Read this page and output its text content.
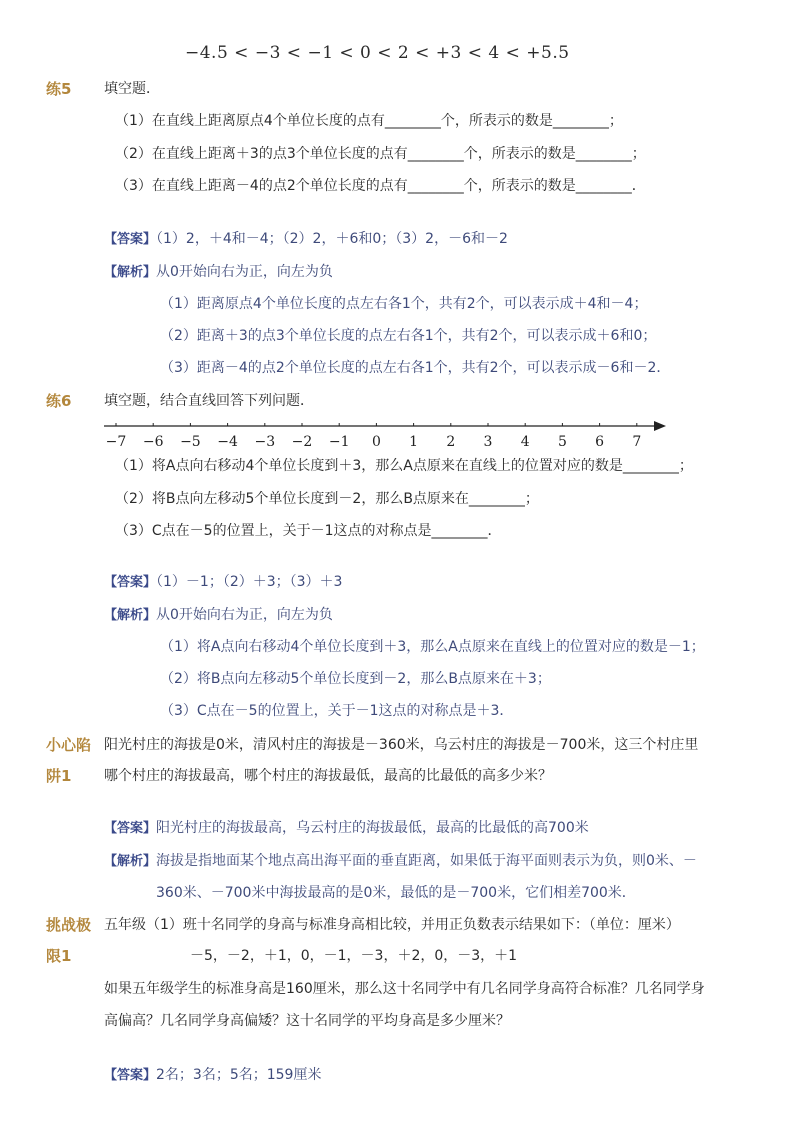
−4.5 < −3 < −1 < 0 < 2 < +3 < 4 < +5.5
练5 填空题．
（1）在直线上距离原点4个单位长度的点有________个，所表示的数是________；
（2）在直线上距离＋3的点3个单位长度的点有________个，所表示的数是________；
（3）在直线上距离－4的点2个单位长度的点有________个，所表示的数是________．
【答案】（1）2，＋4和－4；（2）2，＋6和0；（3）2，－6和－2
【解析】从0开始向右为正，向左为负
（1）距离原点4个单位长度的点左右各1个，共有2个，可以表示成＋4和－4；
（2）距离＋3的点3个单位长度的点左右各1个，共有2个，可以表示成＋6和0；
（3）距离－4的点2个单位长度的点左右各1个，共有2个，可以表示成－6和－2．
练6 填空题，结合直线回答下列问题．
−7 −6 −5 −4 −3 −2 −1 0 1 2 3 4 5 6 7
（1）将A点向右移动4个单位长度到＋3，那么A点原来在直线上的位置对应的数是________；
（2）将B点向左移动5个单位长度到－2，那么B点原来在________；
（3）C点在－5的位置上，关于－1这点的对称点是________．
【答案】（1）－1；（2）＋3；（3）＋3
【解析】从0开始向右为正，向左为负
（1）将A点向右移动4个单位长度到＋3，那么A点原来在直线上的位置对应的数是－1；
（2）将B点向左移动5个单位长度到－2，那么B点原来在＋3；
（3）C点在－5的位置上，关于－1这点的对称点是＋3．
小心陷
阱1
阳光村庄的海拔是0米，清风村庄的海拔是－360米，乌云村庄的海拔是－700米，这三个村庄里
哪个村庄的海拔最高，哪个村庄的海拔最低，最高的比最低的高多少米？
【答案】阳光村庄的海拔最高，乌云村庄的海拔最低，最高的比最低的高700米
【解析】海拔是指地面某个地点高出海平面的垂直距离，如果低于海平面则表示为负，则0米、－
360米、－700米中海拔最高的是0米，最低的是－700米，它们相差700米．
挑战极
限1
五年级（1）班十名同学的身高与标准身高相比较，并用正负数表示结果如下：（单位：厘米）
－5，－2，＋1，0，－1，－3，＋2，0，－3，＋1
如果五年级学生的标准身高是160厘米，那么这十名同学中有几名同学身高符合标准？几名同学身
高偏高？几名同学身高偏矮？这十名同学的平均身高是多少厘米？
【答案】2名；3名；5名；159厘米
